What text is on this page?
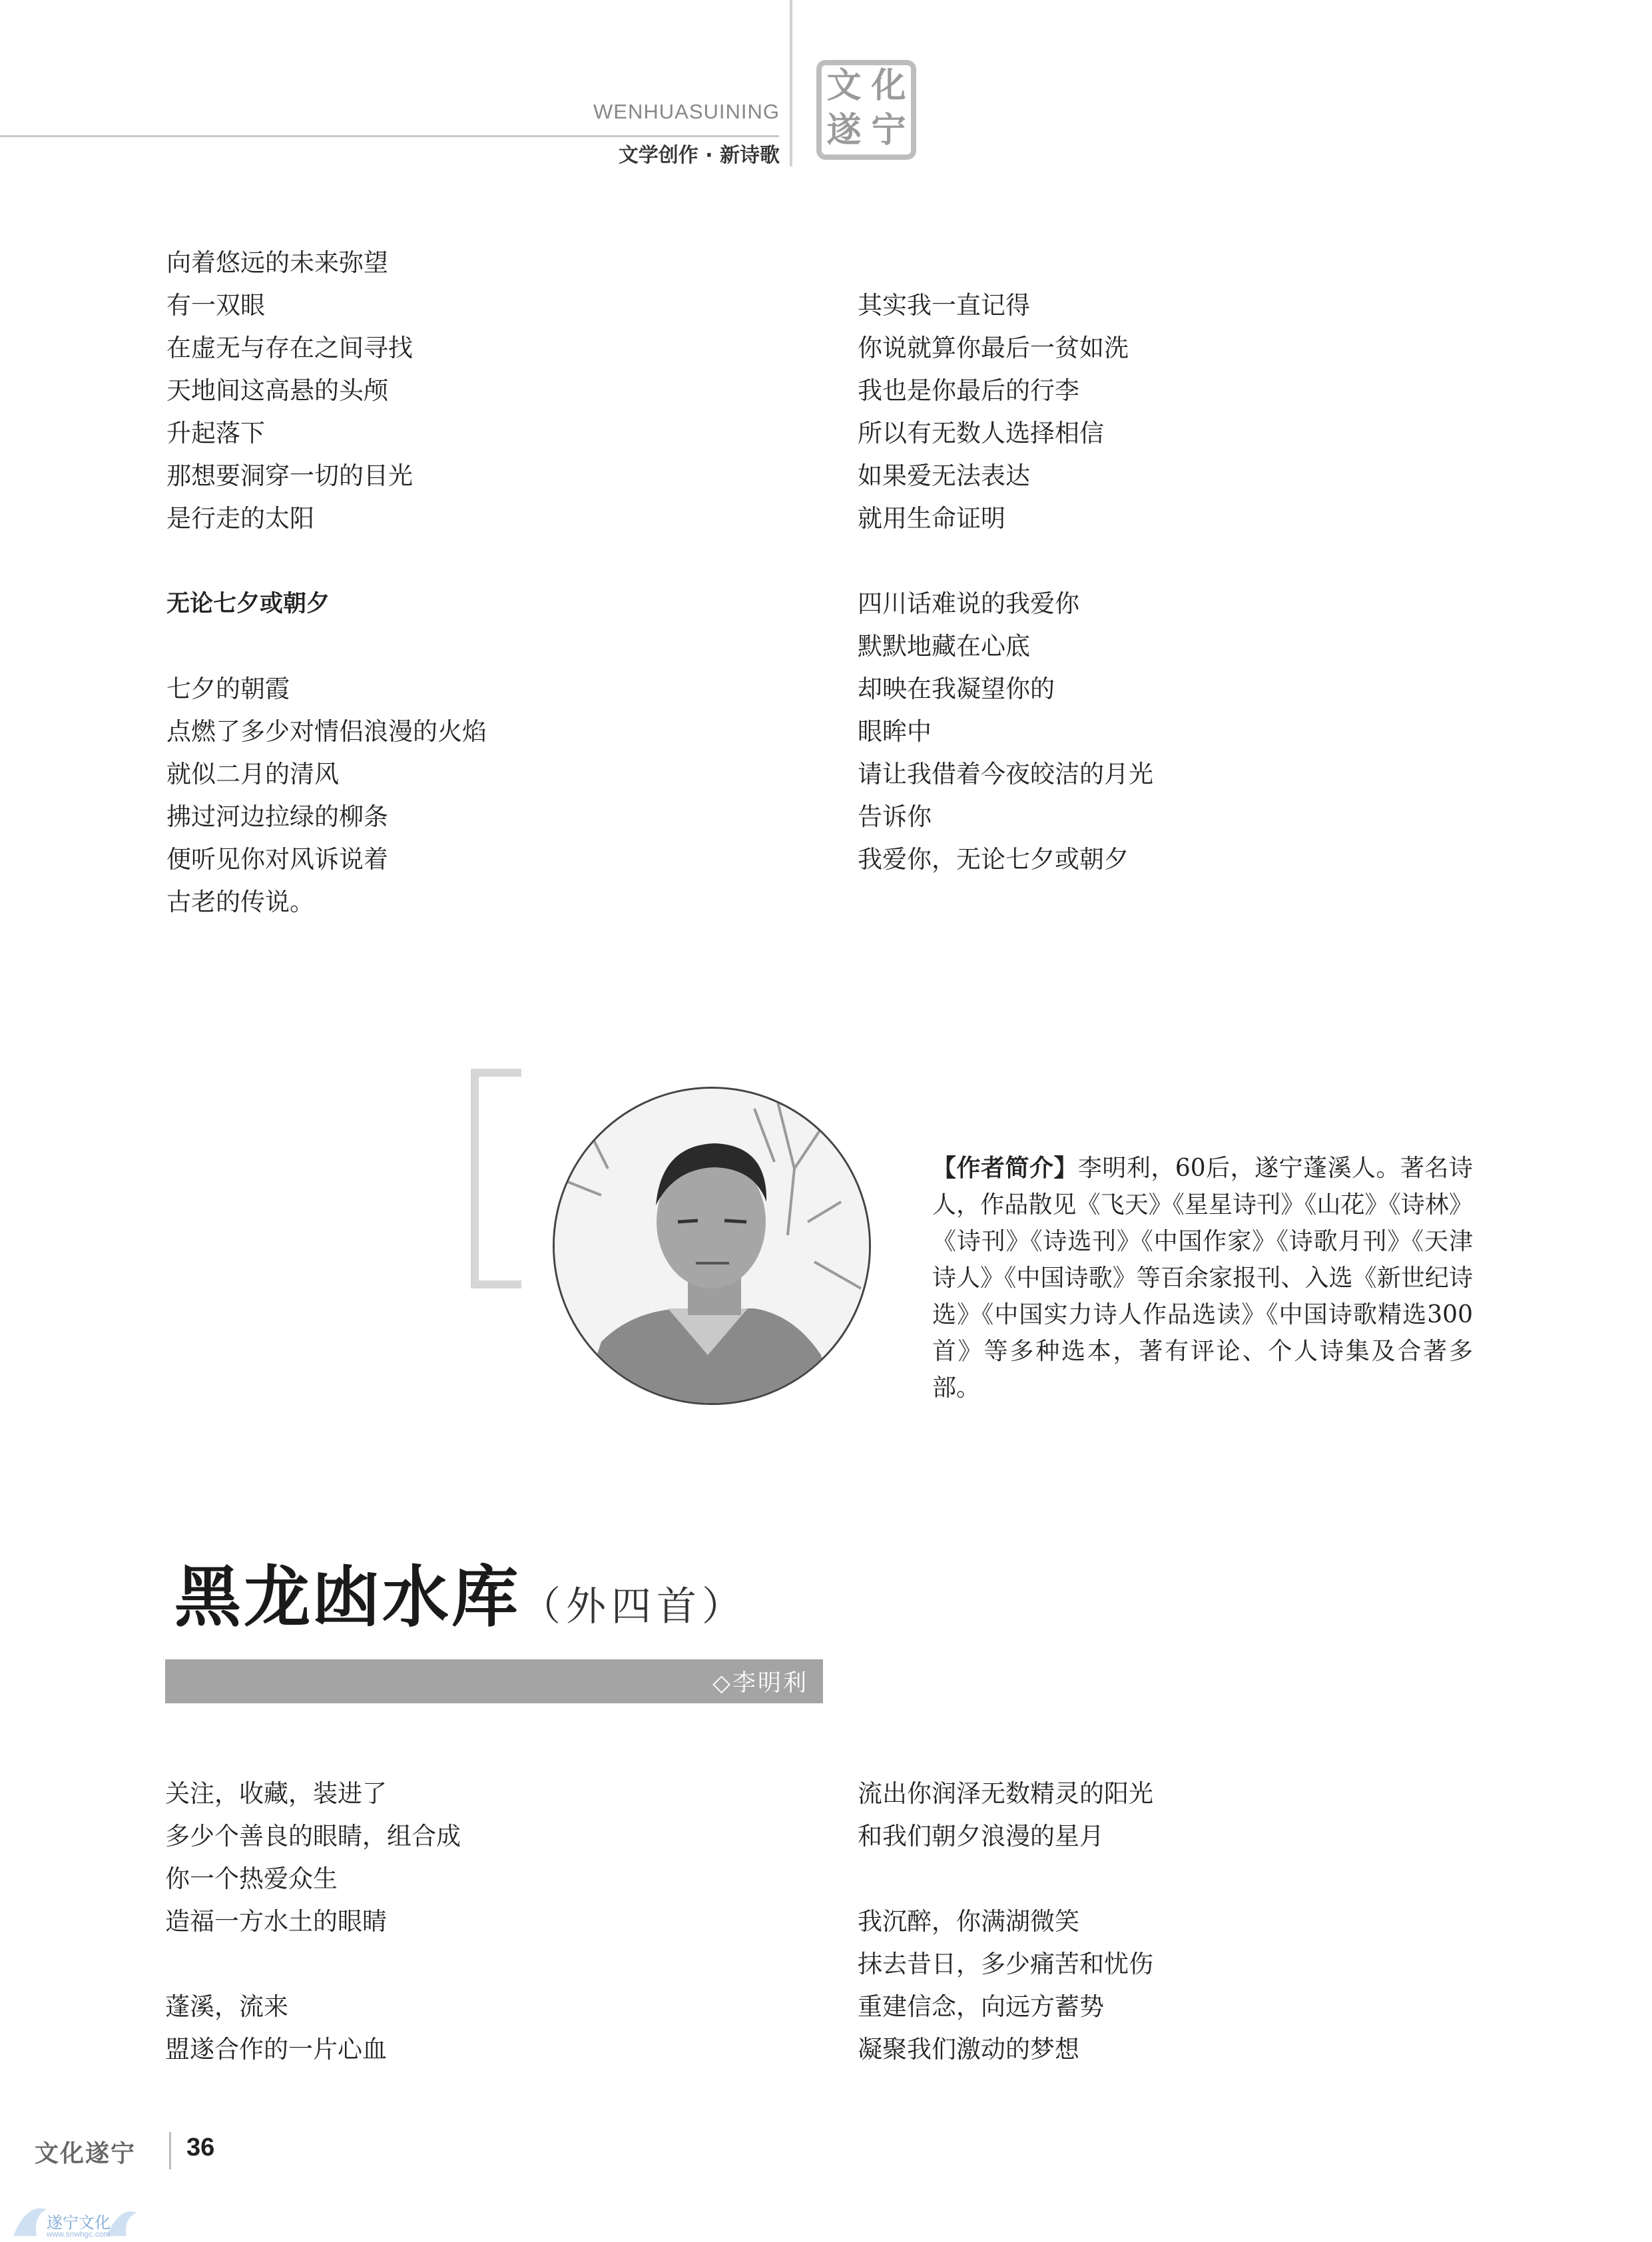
WENHUASUINING
文学创作 · 新诗歌
文 化
遂 宁
向着悠远的未来弥望
有一双眼
在虚无与存在之间寻找
天地间这高悬的头颅
升起落下
那想要洞穿一切的目光
是行走的太阳
无论七夕或朝夕
七夕的朝霞
点燃了多少对情侣浪漫的火焰
就似二月的清风
拂过河边拉绿的柳条
便听见你对风诉说着
古老的传说。
其实我一直记得
你说就算你最后一贫如洗
我也是你最后的行李
所以有无数人选择相信
如果爱无法表达
就用生命证明
四川话难说的我爱你
默默地藏在心底
却映在我凝望你的
眼眸中
请让我借着今夜皎洁的月光
告诉你
我爱你，无论七夕或朝夕
【作者简介】李明利，60后，遂宁蓬溪人。著名诗人，作品散见《飞天》《星星诗刊》《山花》《诗林》《诗刊》《诗选刊》《中国作家》《诗歌月刊》《天津诗人》《中国诗歌》等百余家报刊、入选《新世纪诗选》《中国实力诗人作品选读》《中国诗歌精选300首》等多种选本，著有评论、个人诗集及合著多部。
黑龙凼水库（外四首）
◇李明利
关注，收藏，装进了
多少个善良的眼睛，组合成
你一个热爱众生
造福一方水土的眼睛
蓬溪，流来
盟遂合作的一片心血
流出你润泽无数精灵的阳光
和我们朝夕浪漫的星月
我沉醉，你满湖微笑
抹去昔日，多少痛苦和忧伤
重建信念，向远方蓄势
凝聚我们激动的梦想
文化遂宁 36
遂宁文化
www.snwhgc.com
